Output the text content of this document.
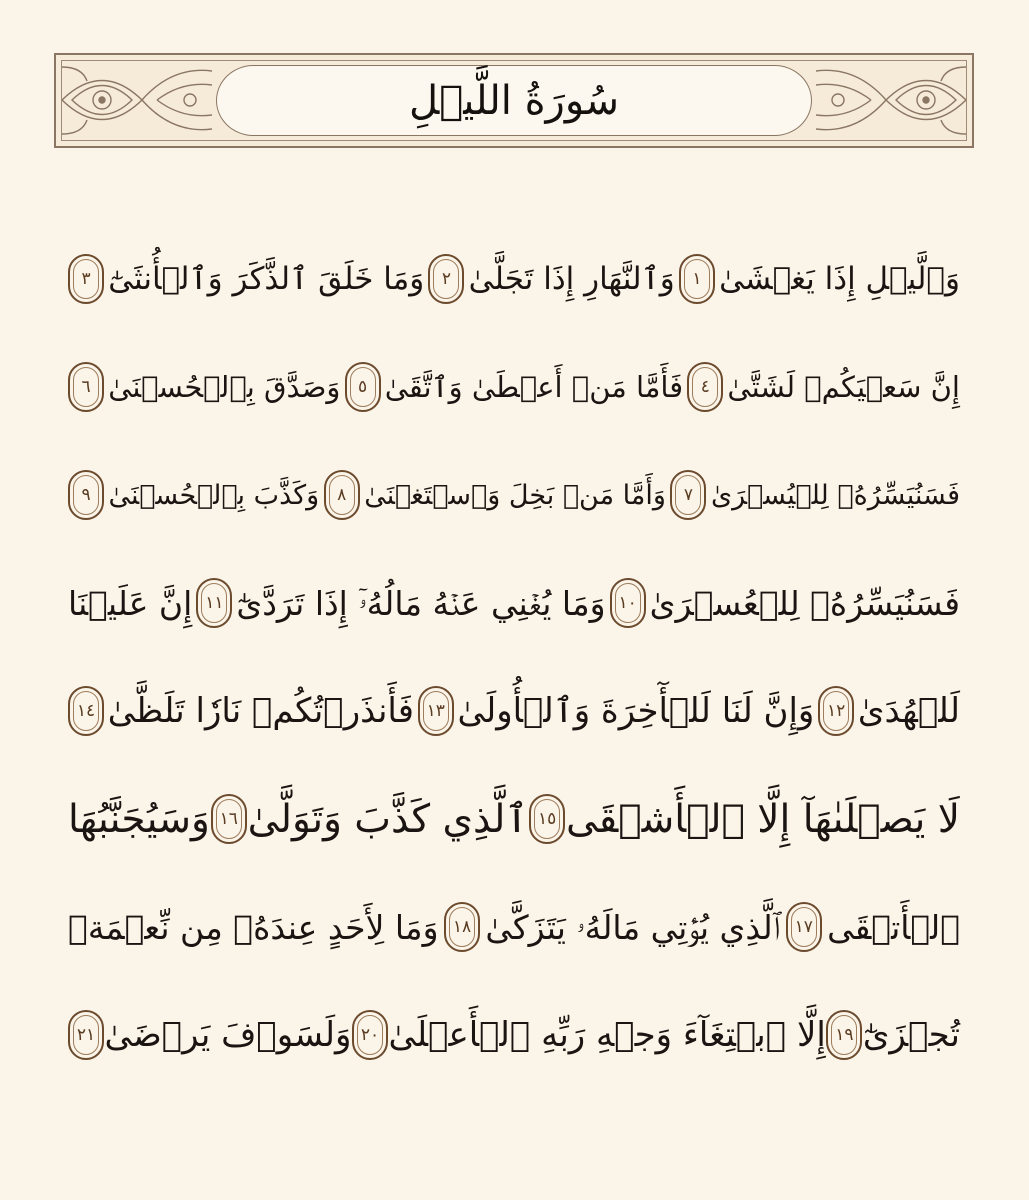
سُورَةُ اللَّيۡلِ
وَٱلَّيۡلِ إِذَا يَغۡشَىٰ
١
وَٱلنَّهَارِ إِذَا تَجَلَّىٰ
٢
وَمَا خَلَقَ ٱلذَّكَرَ وَٱلۡأُنثَىٰٓ
٣
إِنَّ سَعۡيَكُمۡ لَشَتَّىٰ
٤
فَأَمَّا مَنۡ أَعۡطَىٰ وَٱتَّقَىٰ
٥
وَصَدَّقَ بِٱلۡحُسۡنَىٰ
٦
فَسَنُيَسِّرُهُۥ لِلۡيُسۡرَىٰ
٧
وَأَمَّا مَنۢ بَخِلَ وَٱسۡتَغۡنَىٰ
٨
وَكَذَّبَ بِٱلۡحُسۡنَىٰ
٩
فَسَنُيَسِّرُهُۥ لِلۡعُسۡرَىٰ
١٠
وَمَا يُغۡنِي عَنۡهُ مَالُهُۥٓ إِذَا تَرَدَّىٰٓ
١١
إِنَّ عَلَيۡنَا
لَلۡهُدَىٰ
١٢
وَإِنَّ لَنَا لَلۡأٓخِرَةَ وَٱلۡأُولَىٰ
١٣
فَأَنذَرۡتُكُمۡ نَارٗا تَلَظَّىٰ
١٤
لَا يَصۡلَىٰهَآ إِلَّا ٱلۡأَشۡقَى
١٥
ٱلَّذِي كَذَّبَ وَتَوَلَّىٰ
١٦
وَسَيُجَنَّبُهَا
ٱلۡأَتۡقَى
١٧
ٱلَّذِي يُؤۡتِي مَالَهُۥ يَتَزَكَّىٰ
١٨
وَمَا لِأَحَدٍ عِندَهُۥ مِن نِّعۡمَةٖ
تُجۡزَىٰٓ
١٩
إِلَّا ٱبۡتِغَآءَ وَجۡهِ رَبِّهِ ٱلۡأَعۡلَىٰ
٢٠
وَلَسَوۡفَ يَرۡضَىٰ
٢١
